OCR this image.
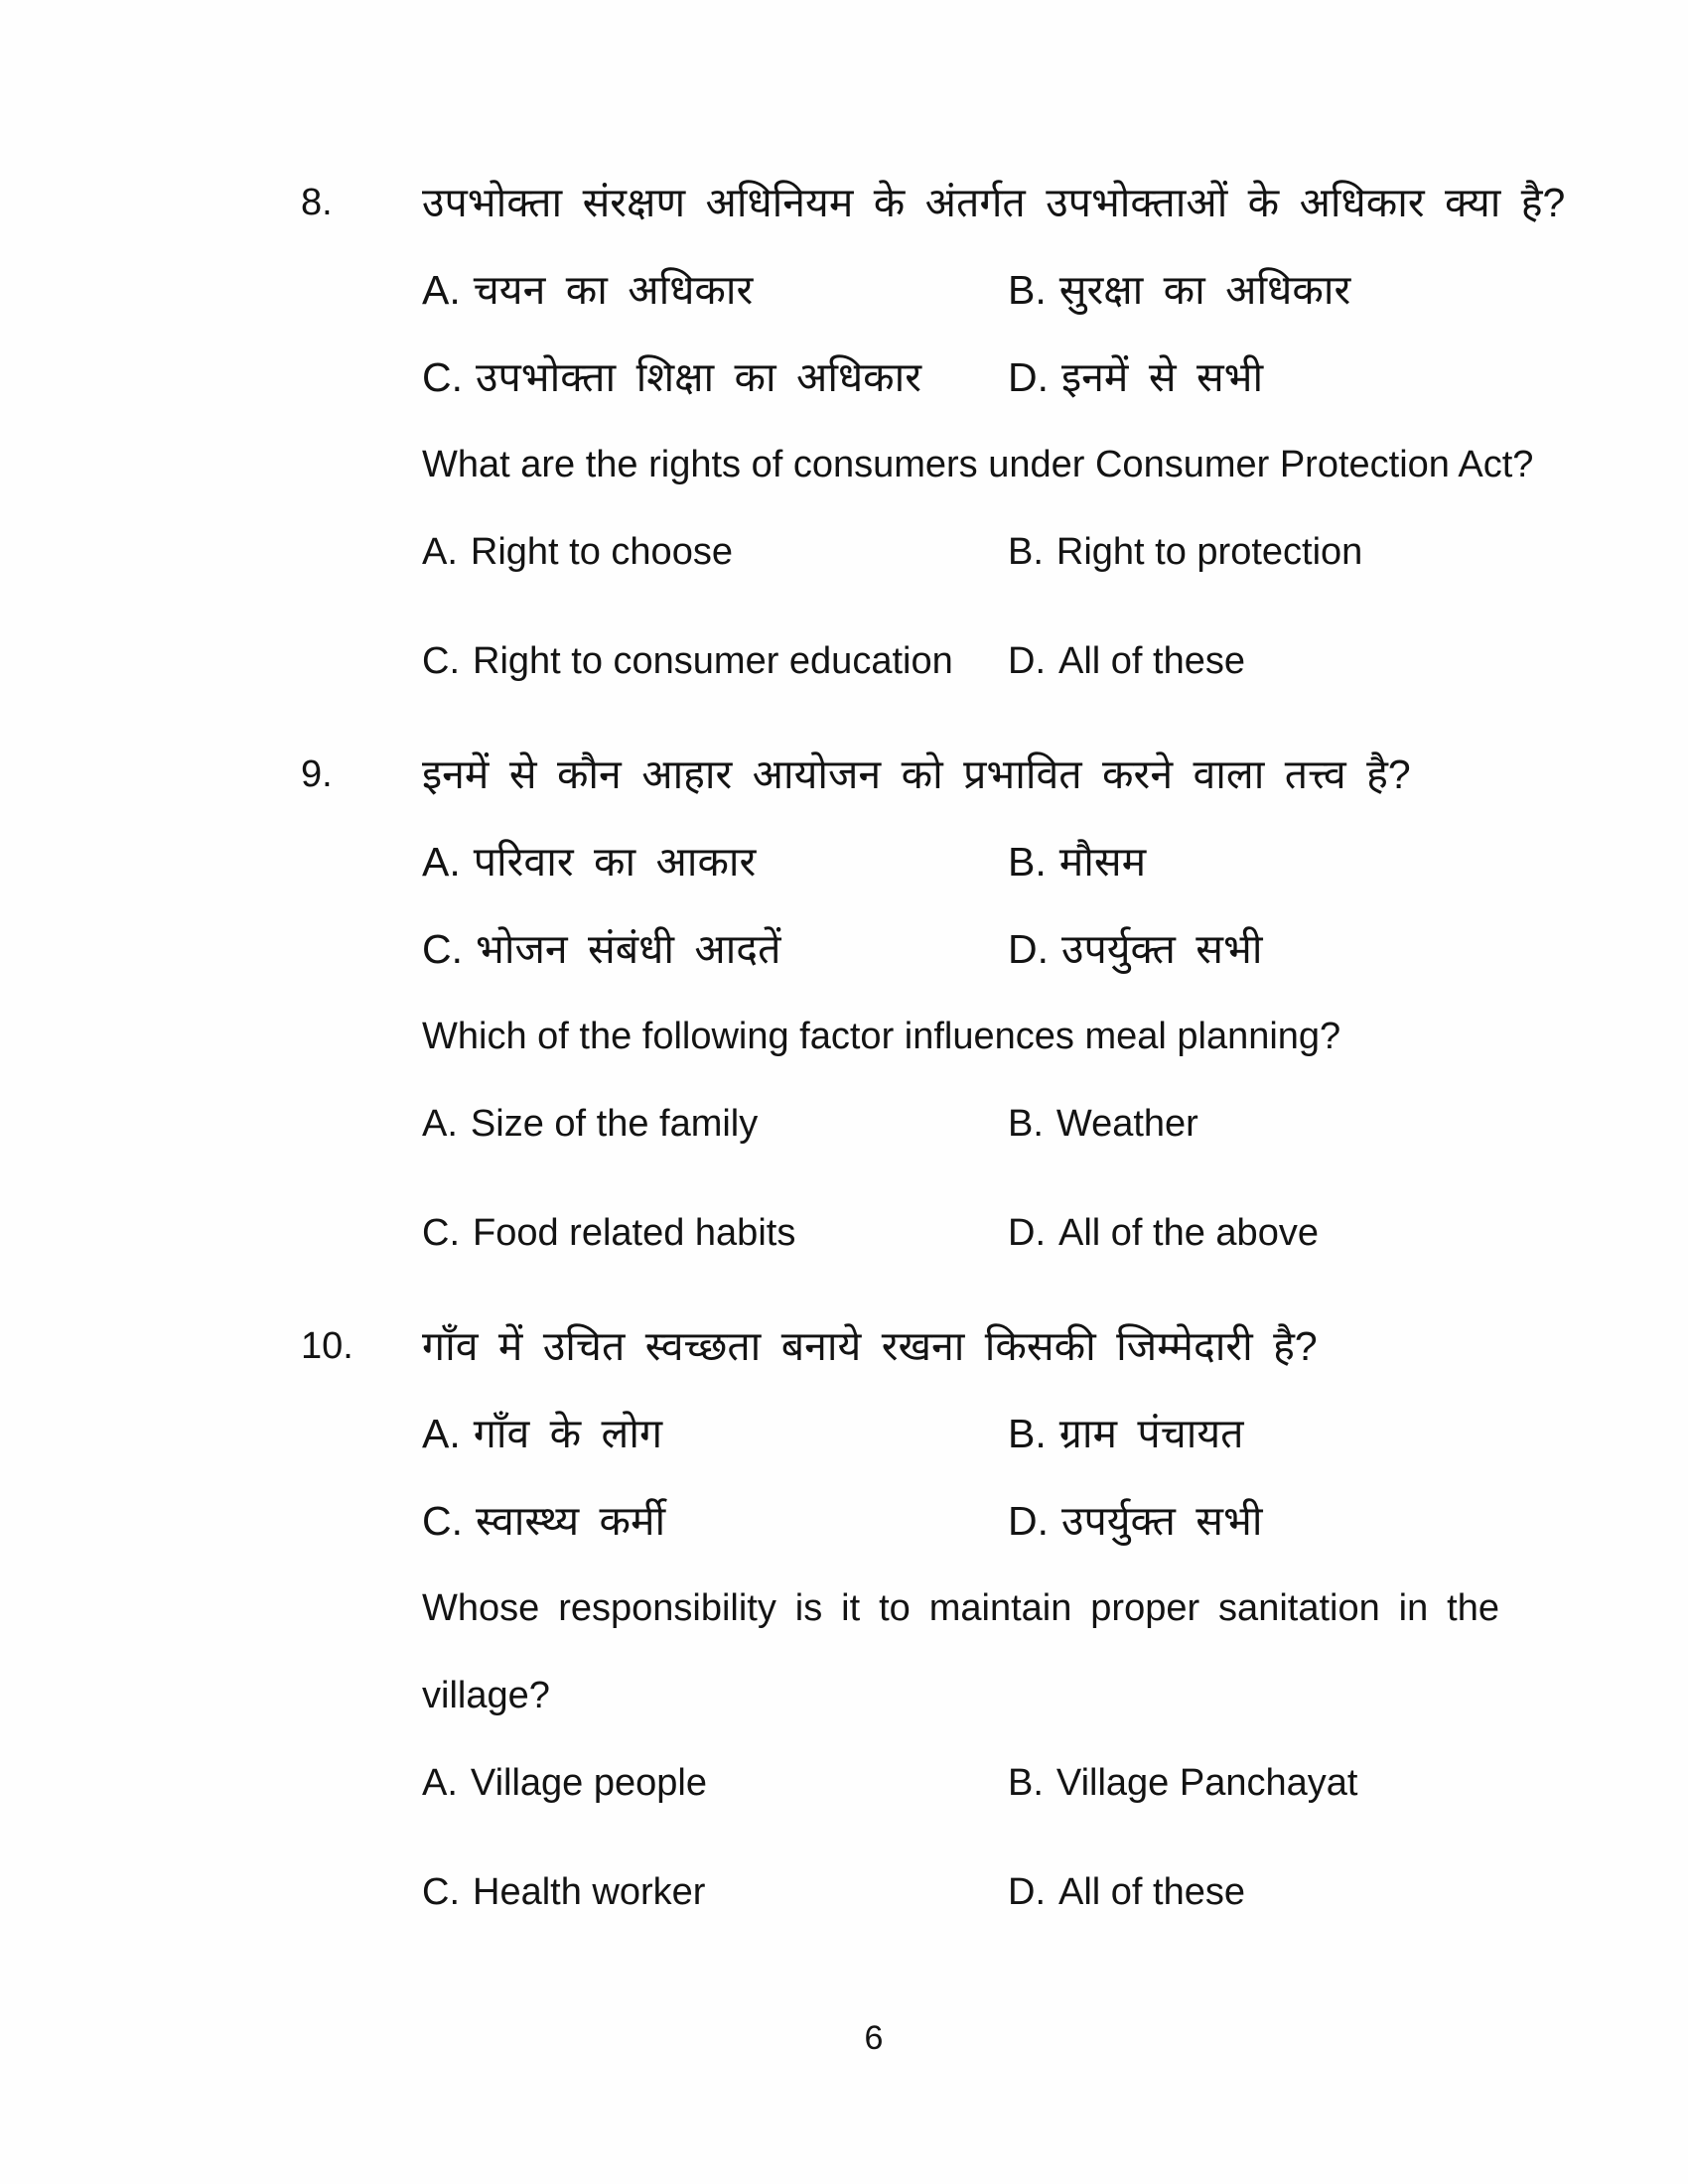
8. उपभोक्ता संरक्षण अधिनियम के अंतर्गत उपभोक्ताओं के अधिकार क्या है?
A. चयन का अधिकार	B. सुरक्षा का अधिकार
C. उपभोक्ता शिक्षा का अधिकार	D. इनमें से सभी
What are the rights of consumers under Consumer Protection Act?
A. Right to choose	B. Right to protection
C. Right to consumer education	D. All of these
9. इनमें से कौन आहार आयोजन को प्रभावित करने वाला तत्त्व है?
A. परिवार का आकार	B. मौसम
C. भोजन संबंधी आदतें	D. उपर्युक्त सभी
Which of the following factor influences meal planning?
A. Size of the family	B. Weather
C. Food related habits	D. All of the above
10. गाँव में उचित स्वच्छता बनाये रखना किसकी जिम्मेदारी है?
A. गाँव के लोग	B. ग्राम पंचायत
C. स्वास्थ्य कर्मी	D. उपर्युक्त सभी
Whose responsibility is it to maintain proper sanitation in the
village?
A. Village people	B. Village Panchayat
C. Health worker	D. All of these
6
